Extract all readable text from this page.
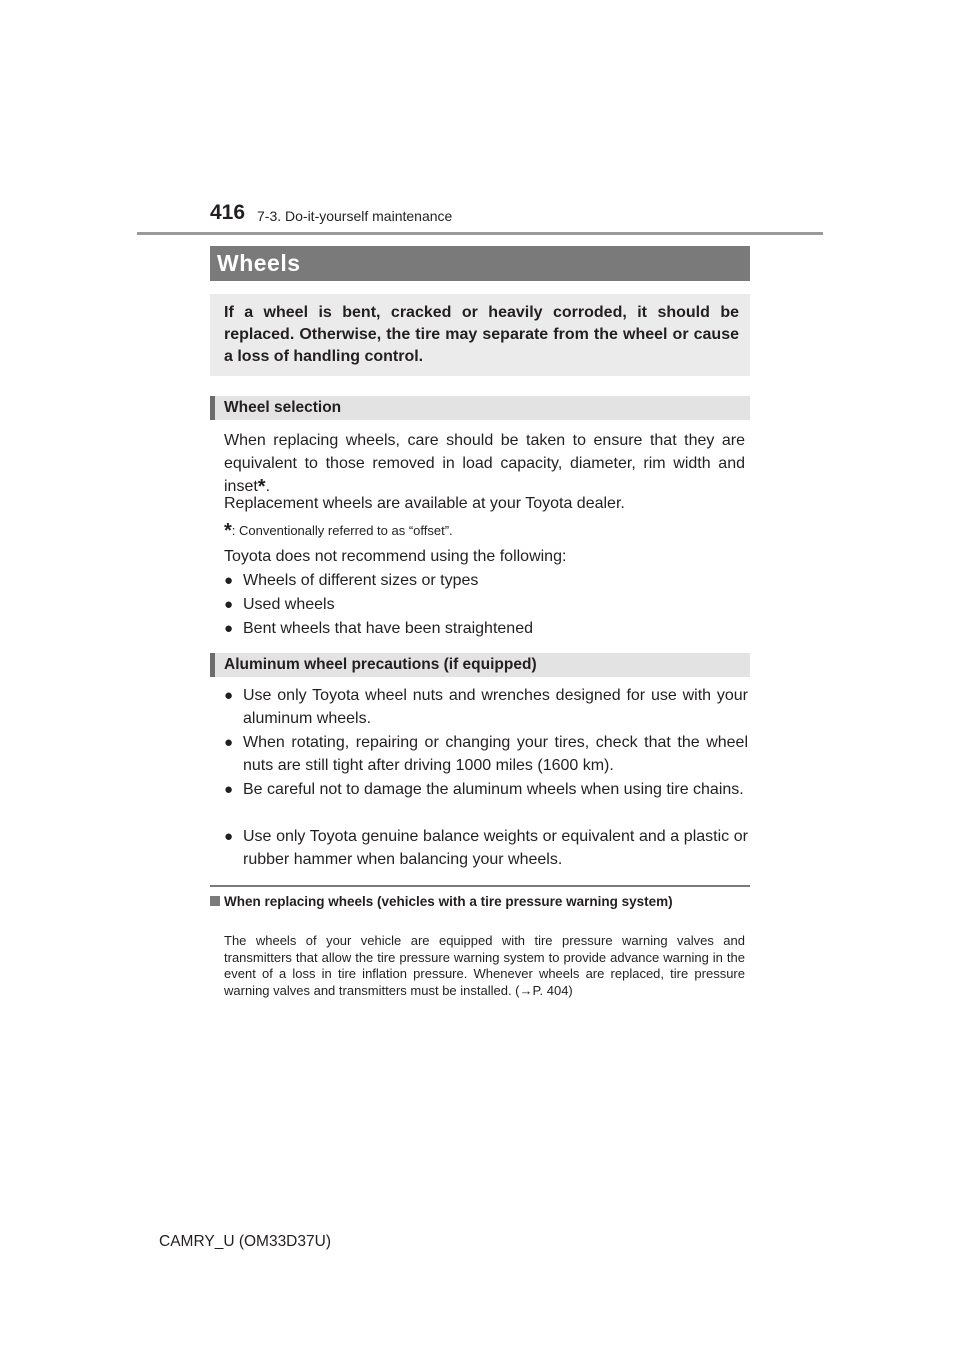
416 7-3. Do-it-yourself maintenance
Wheels

If a wheel is bent, cracked or heavily corroded, it should be replaced. Otherwise, the tire may separate from the wheel or cause a loss of handling control.

Wheel selection
When replacing wheels, care should be taken to ensure that they are equivalent to those removed in load capacity, diameter, rim width and inset*.
Replacement wheels are available at your Toyota dealer.
*: Conventionally referred to as “offset”.
Toyota does not recommend using the following:
● Wheels of different sizes or types
● Used wheels
● Bent wheels that have been straightened
Aluminum wheel precautions (if equipped)
● Use only Toyota wheel nuts and wrenches designed for use with your aluminum wheels.
● When rotating, repairing or changing your tires, check that the wheel nuts are still tight after driving 1000 miles (1600 km).
● Be careful not to damage the aluminum wheels when using tire chains.
● Use only Toyota genuine balance weights or equivalent and a plastic or rubber hammer when balancing your wheels.
When replacing wheels (vehicles with a tire pressure warning system)
The wheels of your vehicle are equipped with tire pressure warning valves and transmitters that allow the tire pressure warning system to provide advance warning in the event of a loss in tire inflation pressure. Whenever wheels are replaced, tire pressure warning valves and transmitters must be installed. (→P. 404)
CAMRY_U (OM33D37U)
